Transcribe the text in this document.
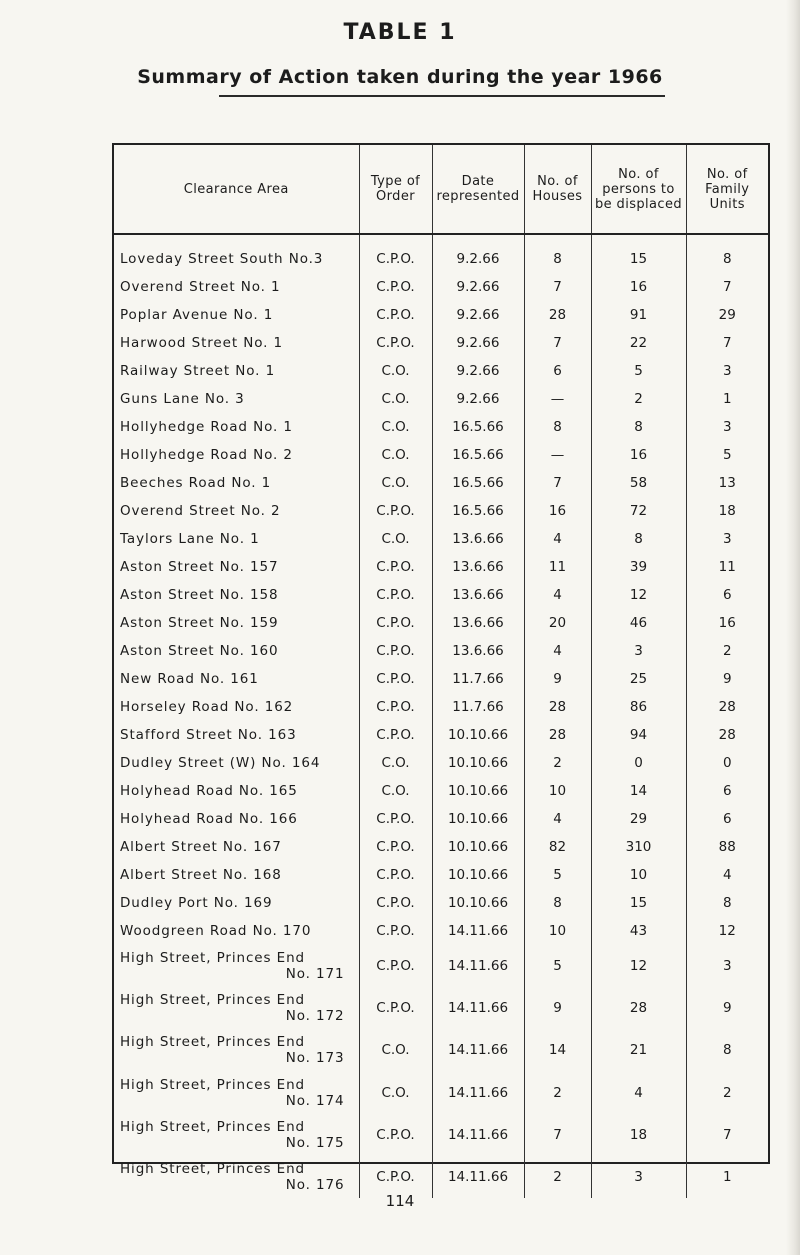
TABLE 1
Summary of Action taken during the year 1966
Clearance Area	Type of Order	Date represented	No. of Houses	No. of persons to be displaced	No. of Family Units
Loveday Street South No.3	C.P.O.	9.2.66	8	15	8
Overend Street No. 1	C.P.O.	9.2.66	7	16	7
Poplar Avenue No. 1	C.P.O.	9.2.66	28	91	29
Harwood Street No. 1	C.P.O.	9.2.66	7	22	7
Railway Street No. 1	C.O.	9.2.66	6	5	3
Guns Lane No. 3	C.O.	9.2.66	—	2	1
Hollyhedge Road No. 1	C.O.	16.5.66	8	8	3
Hollyhedge Road No. 2	C.O.	16.5.66	—	16	5
Beeches Road No. 1	C.O.	16.5.66	7	58	13
Overend Street No. 2	C.P.O.	16.5.66	16	72	18
Taylors Lane No. 1	C.O.	13.6.66	4	8	3
Aston Street No. 157	C.P.O.	13.6.66	11	39	11
Aston Street No. 158	C.P.O.	13.6.66	4	12	6
Aston Street No. 159	C.P.O.	13.6.66	20	46	16
Aston Street No. 160	C.P.O.	13.6.66	4	3	2
New Road No. 161	C.P.O.	11.7.66	9	25	9
Horseley Road No. 162	C.P.O.	11.7.66	28	86	28
Stafford Street No. 163	C.P.O.	10.10.66	28	94	28
Dudley Street (W) No. 164	C.O.	10.10.66	2	0	0
Holyhead Road No. 165	C.O.	10.10.66	10	14	6
Holyhead Road No. 166	C.P.O.	10.10.66	4	29	6
Albert Street No. 167	C.P.O.	10.10.66	82	310	88
Albert Street No. 168	C.P.O.	10.10.66	5	10	4
Dudley Port No. 169	C.P.O.	10.10.66	8	15	8
Woodgreen Road No. 170	C.P.O.	14.11.66	10	43	12

High Street, Princes End
No. 171	C.P.O.	14.11.66	5	12	3

High Street, Princes End
No. 172	C.P.O.	14.11.66	9	28	9

High Street, Princes End
No. 173	C.O.	14.11.66	14	21	8

High Street, Princes End
No. 174	C.O.	14.11.66	2	4	2

High Street, Princes End
No. 175	C.P.O.	14.11.66	7	18	7

High Street, Princes End
No. 176	C.P.O.	14.11.66	2	3	1
114
